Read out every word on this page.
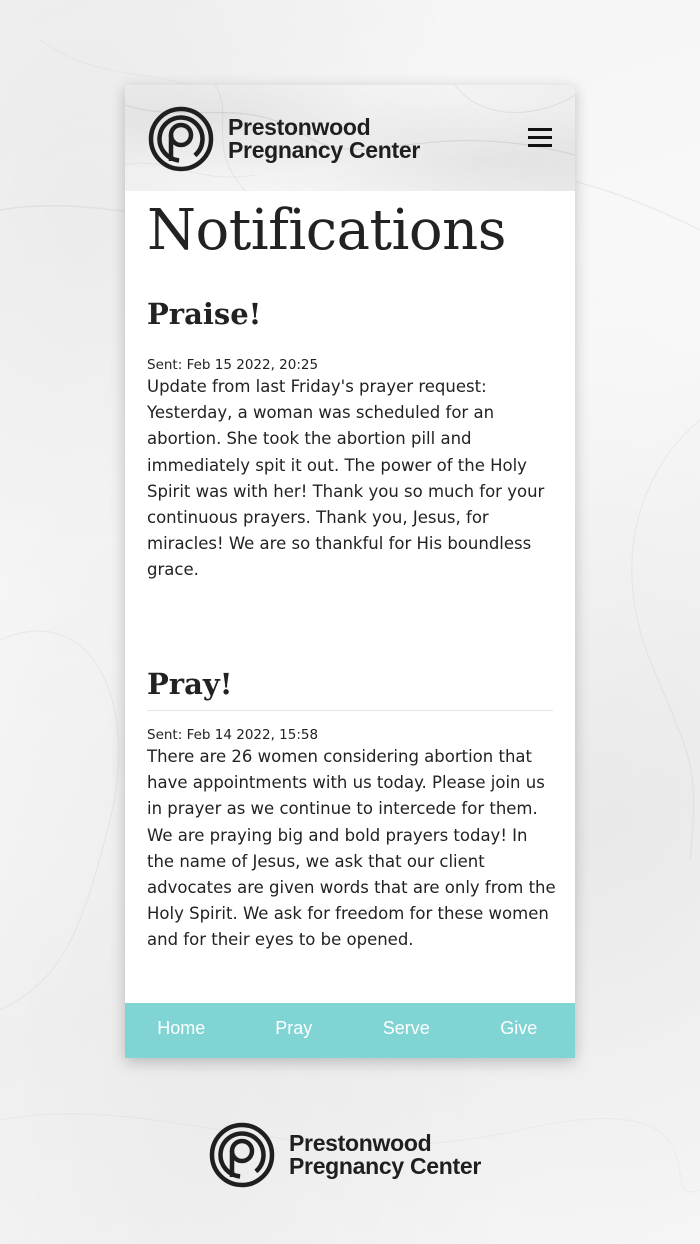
Prestonwood
Pregnancy Center
Notifications
Praise!

Sent: Feb 15 2022, 20:25

Update from last Friday's prayer request: Yesterday, a woman was scheduled for an abortion. She took the abortion pill and immediately spit it out. The power of the Holy Spirit was with her! Thank you so much for your continuous prayers. Thank you, Jesus, for miracles! We are so thankful for His boundless grace.

Pray!

Sent: Feb 14 2022, 15:58

There are 26 women considering abortion that have appointments with us today. Please join us in prayer as we continue to intercede for them. We are praying big and bold prayers today! In the name of Jesus, we ask that our client advocates are given words that are only from the Holy Spirit. We ask for freedom for these women and for their eyes to be opened.

Home	Pray	Serve	Give
Prestonwood
Pregnancy Center
